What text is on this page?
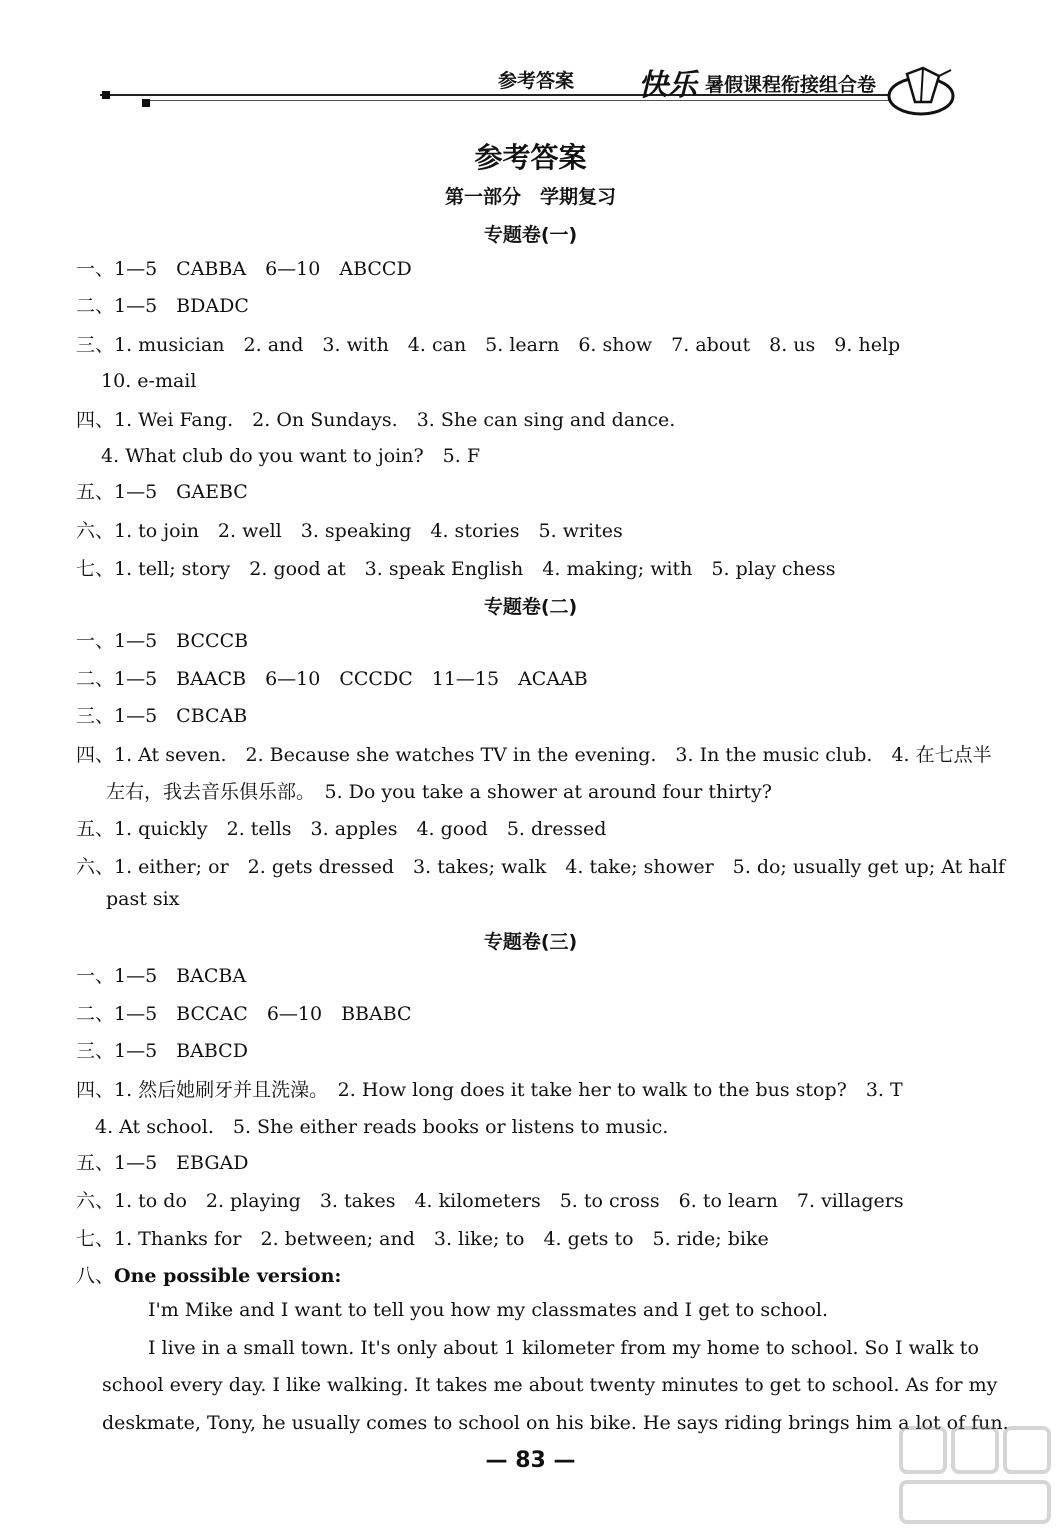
参考答案 快乐 暑假课程衔接组合卷
参考答案
第一部分　学期复习
专题卷(一)
一、1—5　CABBA　6—10　ABCCD
二、1—5　BDADC
三、1. musician　2. and　3. with　4. can　5. learn　6. show　7. about　8. us　9. help
　 10. e-mail
四、1. Wei Fang.　2. On Sundays.　3. She can sing and dance.
　 4. What club do you want to join?　5. F
五、1—5　GAEBC
六、1. to join　2. well　3. speaking　4. stories　5. writes
七、1. tell; story　2. good at　3. speak English　4. making; with　5. play chess
专题卷(二)
一、1—5　BCCCB
二、1—5　BAACB　6—10　CCCDC　11—15　ACAAB
三、1—5　CBCAB
四、1. At seven.　2. Because she watches TV in the evening.　3. In the music club.　4. 在七点半
左右，我去音乐俱乐部。　5. Do you take a shower at around four thirty?
五、1. quickly　2. tells　3. apples　4. good　5. dressed
六、1. either; or　2. gets dressed　3. takes; walk　4. take; shower　5. do; usually get up; At half
past six
专题卷(三)
一、1—5　BACBA
二、1—5　BCCAC　6—10　BBABC
三、1—5　BABCD
四、1. 然后她刷牙并且洗澡。　2. How long does it take her to walk to the bus stop?　3. T
　4. At school.　5. She either reads books or listens to music.
五、1—5　EBGAD
六、1. to do　2. playing　3. takes　4. kilometers　5. to cross　6. to learn　7. villagers
七、1. Thanks for　2. between; and　3. like; to　4. gets to　5. ride; bike
八、One possible version:
I'm Mike and I want to tell you how my classmates and I get to school.
I live in a small town. It's only about 1 kilometer from my home to school. So I walk to
school every day. I like walking. It takes me about twenty minutes to get to school. As for my
deskmate, Tony, he usually comes to school on his bike. He says riding brings him a lot of fun.
— 83 —
